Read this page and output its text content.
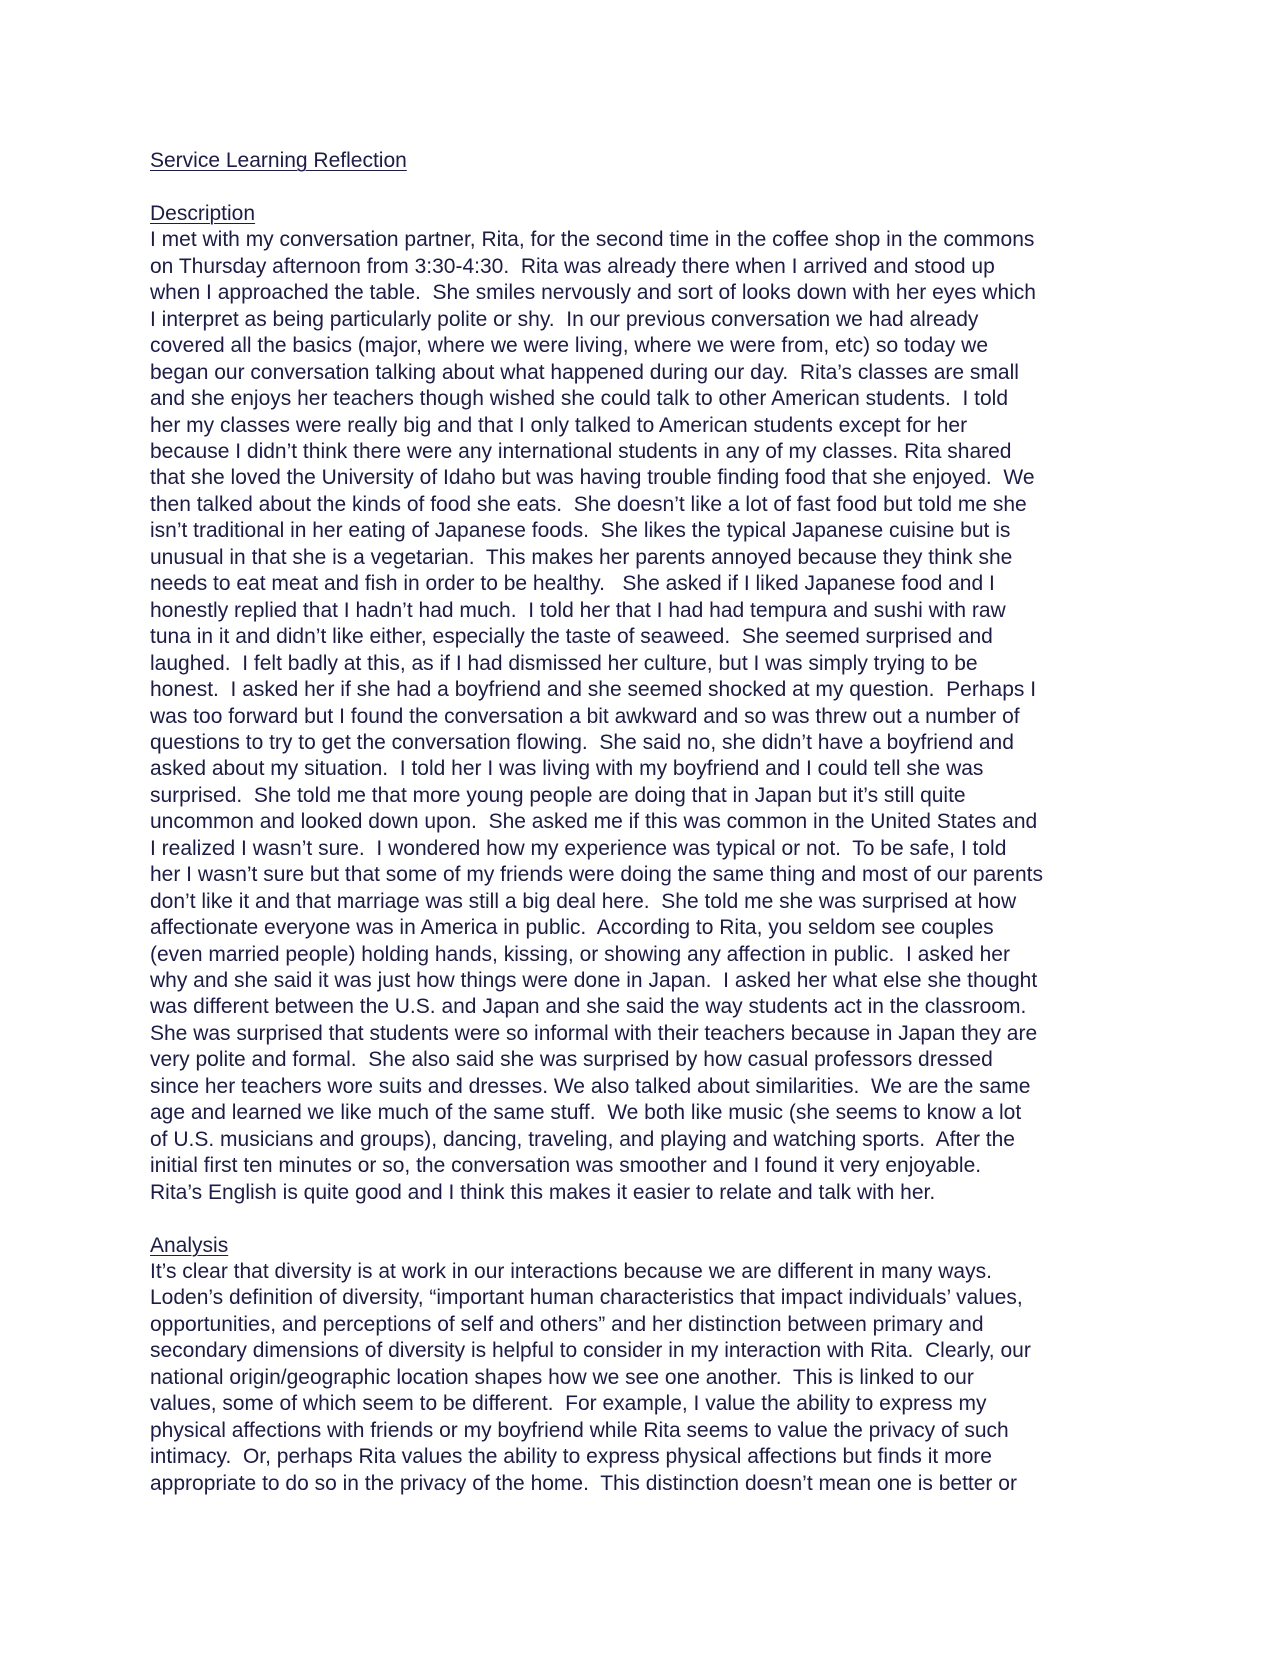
Service Learning Reflection
Description
I met with my conversation partner, Rita, for the second time in the coffee shop in the commons
on Thursday afternoon from 3:30-4:30.  Rita was already there when I arrived and stood up
when I approached the table.  She smiles nervously and sort of looks down with her eyes which
I interpret as being particularly polite or shy.  In our previous conversation we had already
covered all the basics (major, where we were living, where we were from, etc) so today we
began our conversation talking about what happened during our day.  Rita’s classes are small
and she enjoys her teachers though wished she could talk to other American students.  I told
her my classes were really big and that I only talked to American students except for her
because I didn’t think there were any international students in any of my classes. Rita shared
that she loved the University of Idaho but was having trouble finding food that she enjoyed.  We
then talked about the kinds of food she eats.  She doesn’t like a lot of fast food but told me she
isn’t traditional in her eating of Japanese foods.  She likes the typical Japanese cuisine but is
unusual in that she is a vegetarian.  This makes her parents annoyed because they think she
needs to eat meat and fish in order to be healthy.   She asked if I liked Japanese food and I
honestly replied that I hadn’t had much.  I told her that I had had tempura and sushi with raw
tuna in it and didn’t like either, especially the taste of seaweed.  She seemed surprised and
laughed.  I felt badly at this, as if I had dismissed her culture, but I was simply trying to be
honest.  I asked her if she had a boyfriend and she seemed shocked at my question.  Perhaps I
was too forward but I found the conversation a bit awkward and so was threw out a number of
questions to try to get the conversation flowing.  She said no, she didn’t have a boyfriend and
asked about my situation.  I told her I was living with my boyfriend and I could tell she was
surprised.  She told me that more young people are doing that in Japan but it’s still quite
uncommon and looked down upon.  She asked me if this was common in the United States and
I realized I wasn’t sure.  I wondered how my experience was typical or not.  To be safe, I told
her I wasn’t sure but that some of my friends were doing the same thing and most of our parents
don’t like it and that marriage was still a big deal here.  She told me she was surprised at how
affectionate everyone was in America in public.  According to Rita, you seldom see couples
(even married people) holding hands, kissing, or showing any affection in public.  I asked her
why and she said it was just how things were done in Japan.  I asked her what else she thought
was different between the U.S. and Japan and she said the way students act in the classroom.
She was surprised that students were so informal with their teachers because in Japan they are
very polite and formal.  She also said she was surprised by how casual professors dressed
since her teachers wore suits and dresses. We also talked about similarities.  We are the same
age and learned we like much of the same stuff.  We both like music (she seems to know a lot
of U.S. musicians and groups), dancing, traveling, and playing and watching sports.  After the
initial first ten minutes or so, the conversation was smoother and I found it very enjoyable.
Rita’s English is quite good and I think this makes it easier to relate and talk with her.
Analysis
It’s clear that diversity is at work in our interactions because we are different in many ways.
Loden’s definition of diversity, “important human characteristics that impact individuals’ values,
opportunities, and perceptions of self and others” and her distinction between primary and
secondary dimensions of diversity is helpful to consider in my interaction with Rita.  Clearly, our
national origin/geographic location shapes how we see one another.  This is linked to our
values, some of which seem to be different.  For example, I value the ability to express my
physical affections with friends or my boyfriend while Rita seems to value the privacy of such
intimacy.  Or, perhaps Rita values the ability to express physical affections but finds it more
appropriate to do so in the privacy of the home.  This distinction doesn’t mean one is better or
